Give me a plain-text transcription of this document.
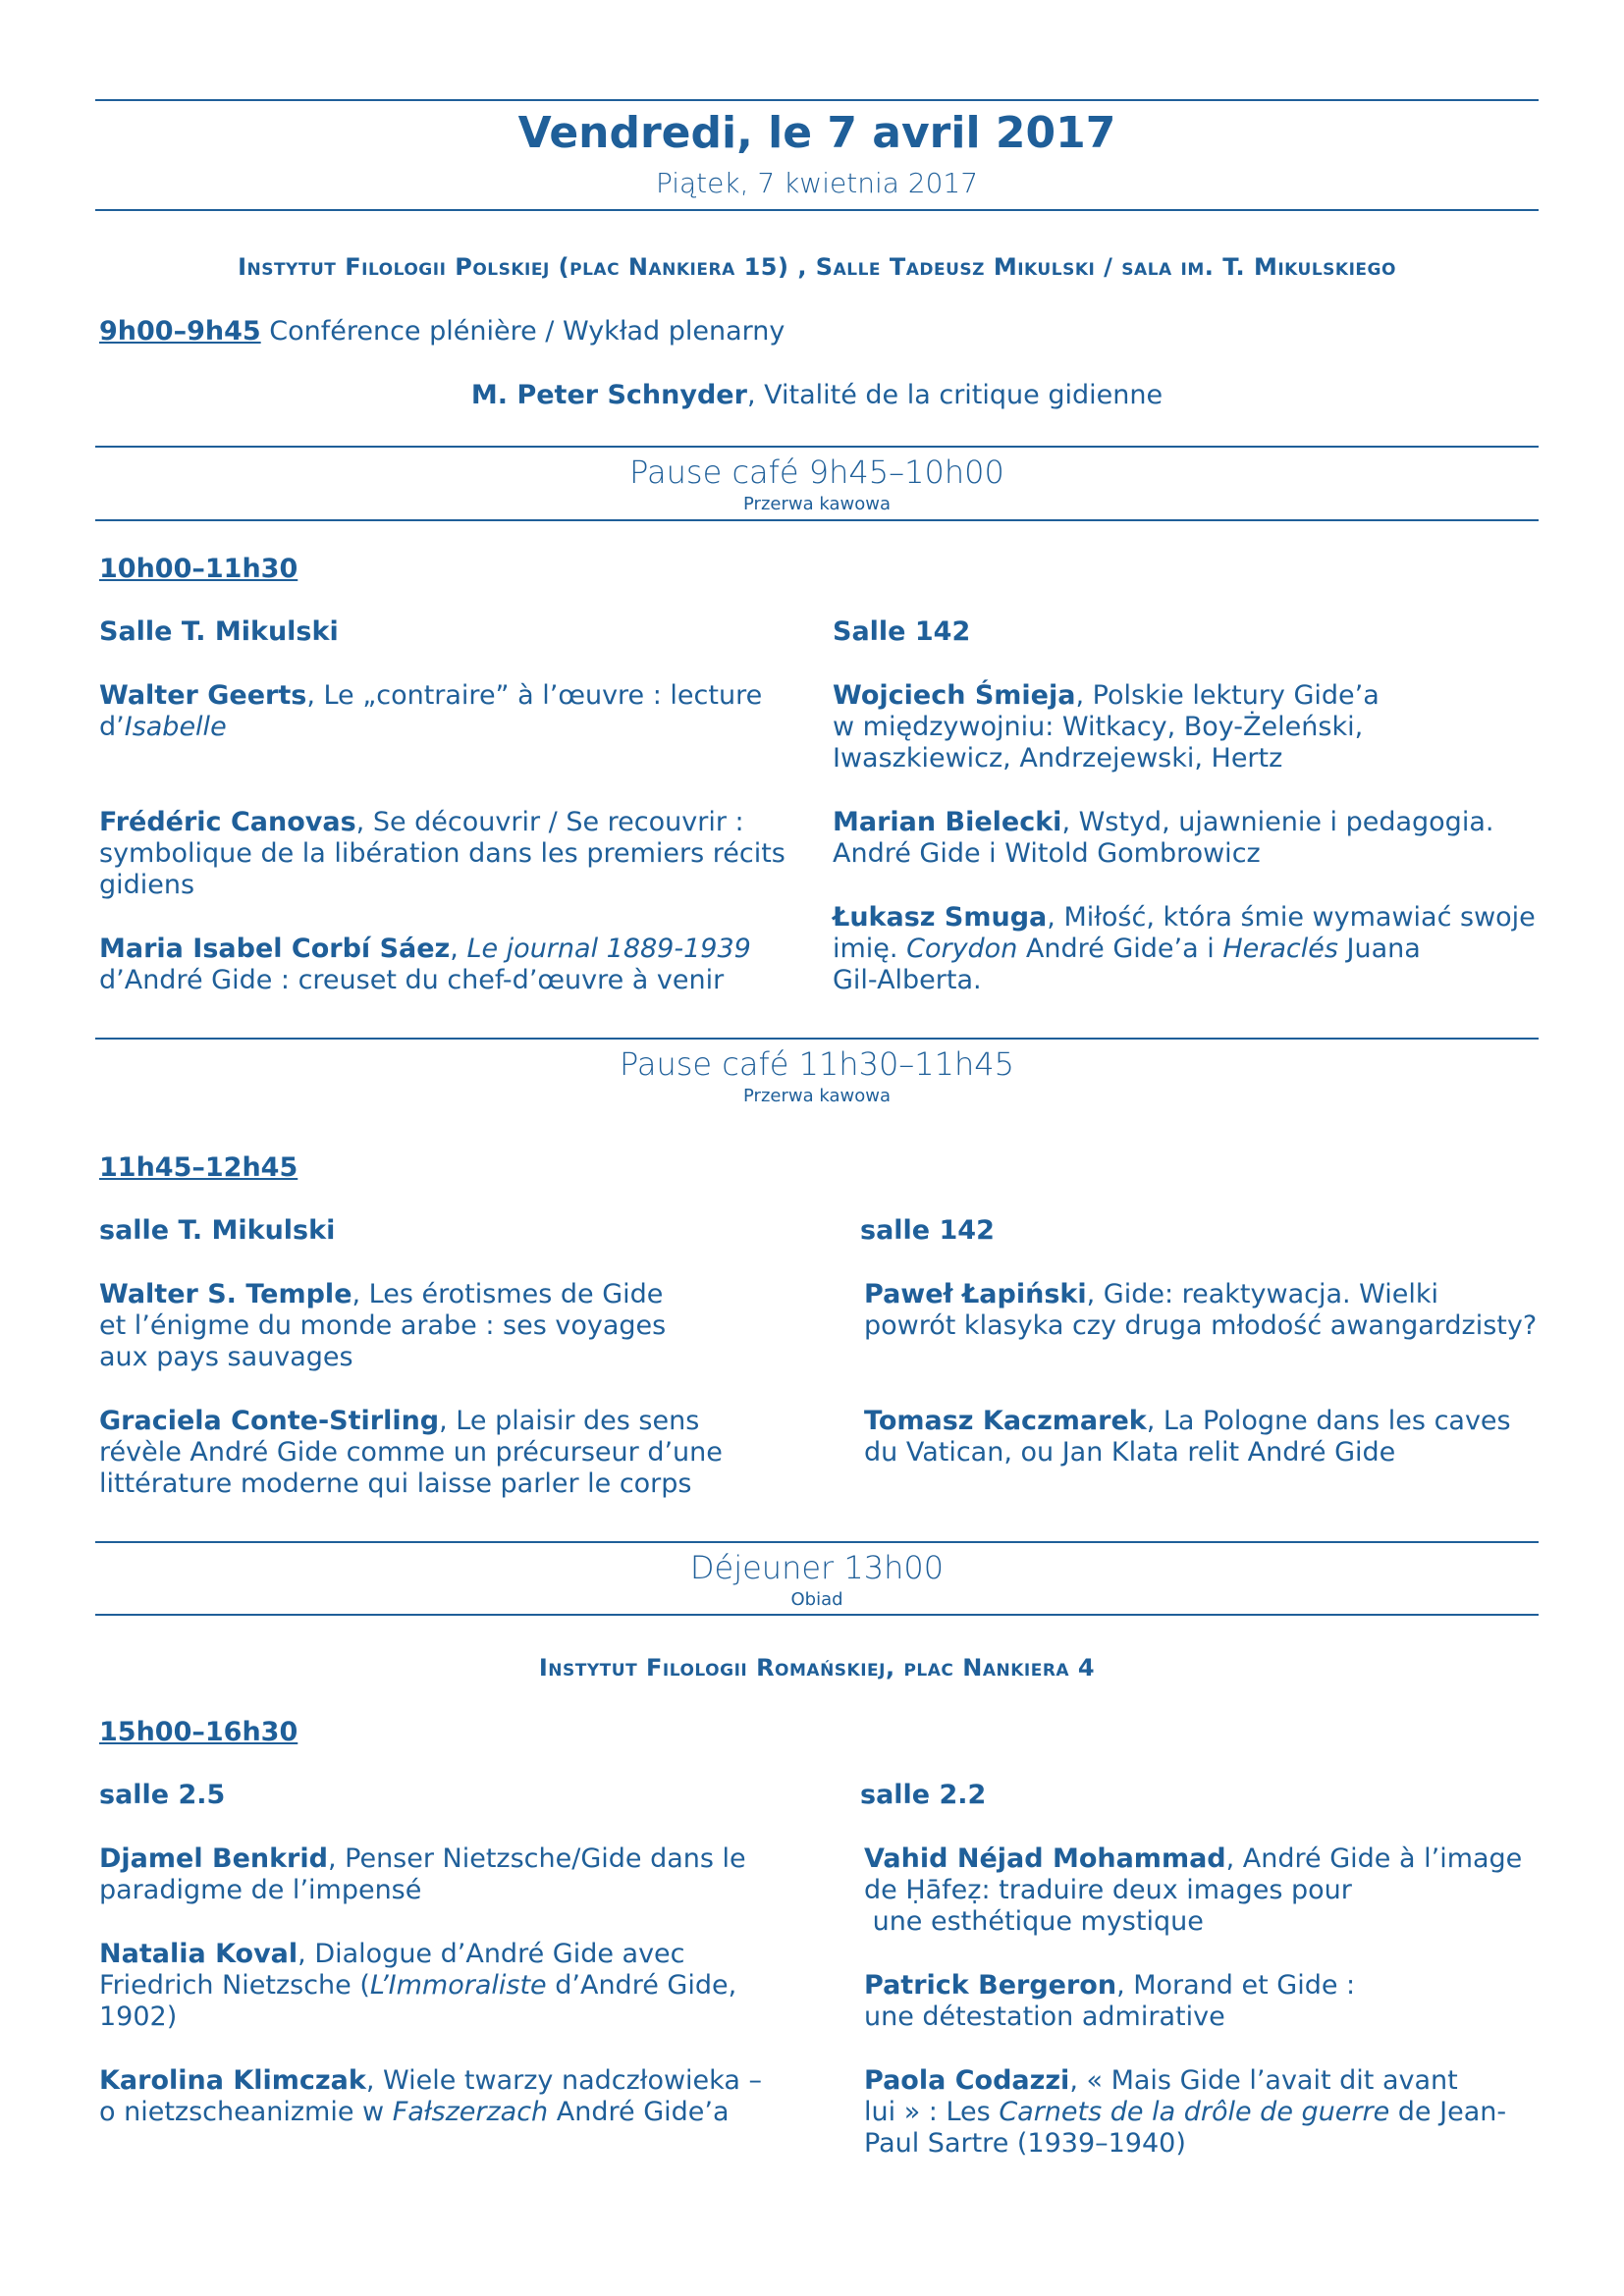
Vendredi, le 7 avril 2017
Piątek, 7 kwietnia 2017
Instytut Filologii Polskiej (plac Nankiera 15) , Salle Tadeusz Mikulski / sala im. T. Mikulskiego
9h00–9h45 Conférence plénière / Wykład plenarny
M. Peter Schnyder, Vitalité de la critique gidienne
Pause café 9h45–10h00
Przerwa kawowa
10h00–11h30
Salle T. Mikulski
Walter Geerts, Le „contraire” à l’œuvre : lecture
d’Isabelle
Frédéric Canovas, Se découvrir / Se recouvrir :
symbolique de la libération dans les premiers récits
gidiens
Maria Isabel Corbí Sáez, Le journal 1889-1939
d’André Gide : creuset du chef-d’œuvre à venir
Salle 142
Wojciech Śmieja, Polskie lektury Gide’a
w międzywojniu: Witkacy, Boy-Żeleński,
Iwaszkiewicz, Andrzejewski, Hertz
Marian Bielecki, Wstyd, ujawnienie i pedagogia.
André Gide i Witold Gombrowicz
Łukasz Smuga, Miłość, która śmie wymawiać swoje
imię. Corydon André Gide’a i Heraclés Juana
Gil-Alberta.
Pause café 11h30–11h45
Przerwa kawowa
11h45–12h45
salle T. Mikulski
Walter S. Temple, Les érotismes de Gide
et l’énigme du monde arabe : ses voyages
aux pays sauvages
Graciela Conte-Stirling, Le plaisir des sens
révèle André Gide comme un précurseur d’une
littérature moderne qui laisse parler le corps
salle 142
Paweł Łapiński, Gide: reaktywacja. Wielki
powrót klasyka czy druga młodość awangardzisty?
Tomasz Kaczmarek, La Pologne dans les caves
du Vatican, ou Jan Klata relit André Gide
Déjeuner 13h00
Obiad
Instytut Filologii Romańskiej, plac Nankiera 4
15h00–16h30
salle 2.5
Djamel Benkrid, Penser Nietzsche/Gide dans le
paradigme de l’impensé
Natalia Koval, Dialogue d’André Gide avec
Friedrich Nietzsche (L’Immoraliste d’André Gide,
1902)
Karolina Klimczak, Wiele twarzy nadczłowieka –
o nietzscheanizmie w Fałszerzach André Gide’a
salle 2.2
Vahid Néjad Mohammad, André Gide à l’image
de Ḥāfeẓ: traduire deux images pour
une esthétique mystique
Patrick Bergeron, Morand et Gide :
une détestation admirative
Paola Codazzi, « Mais Gide l’avait dit avant
lui » : Les Carnets de la drôle de guerre de Jean-
Paul Sartre (1939–1940)
